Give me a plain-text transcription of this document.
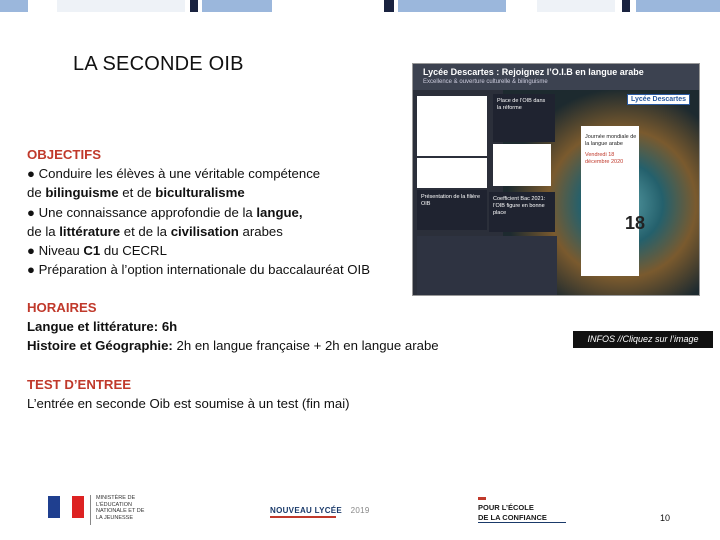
LA SECONDE OIB
OBJECTIFS
● Conduire les élèves à une véritable compétence
de bilinguisme et de biculturalisme
● Une connaissance approfondie de la langue,
de la littérature et de la civilisation arabes
● Niveau C1 du CECRL
● Préparation à l’option internationale du baccalauréat OIB
HORAIRES
Langue et littérature: 6h
Histoire et Géographie: 2h en langue française + 2h en langue arabe
TEST D’ENTREE
L’entrée en seconde Oib est soumise à un test (fin mai)
Lycée Descartes : Rejoignez l’O.I.B en langue arabe
Excellence & ouverture culturelle & bilinguisme
Présentation de la filière OIB
Place de l’OIB dans la réforme
Coefficient Bac 2021: l’OIB figure en bonne place
Journée mondiale de la langue arabe
Vendredi 18 décembre 2020
Lycée Descartes
18
INFOS //Cliquez sur l’image
MINISTÈRE DE L’ÉDUCATION NATIONALE ET DE LA JEUNESSE
NOUVEAU LYCÉE 2019	POUR L’ÉCOLE
DE LA CONFIANCE	10
